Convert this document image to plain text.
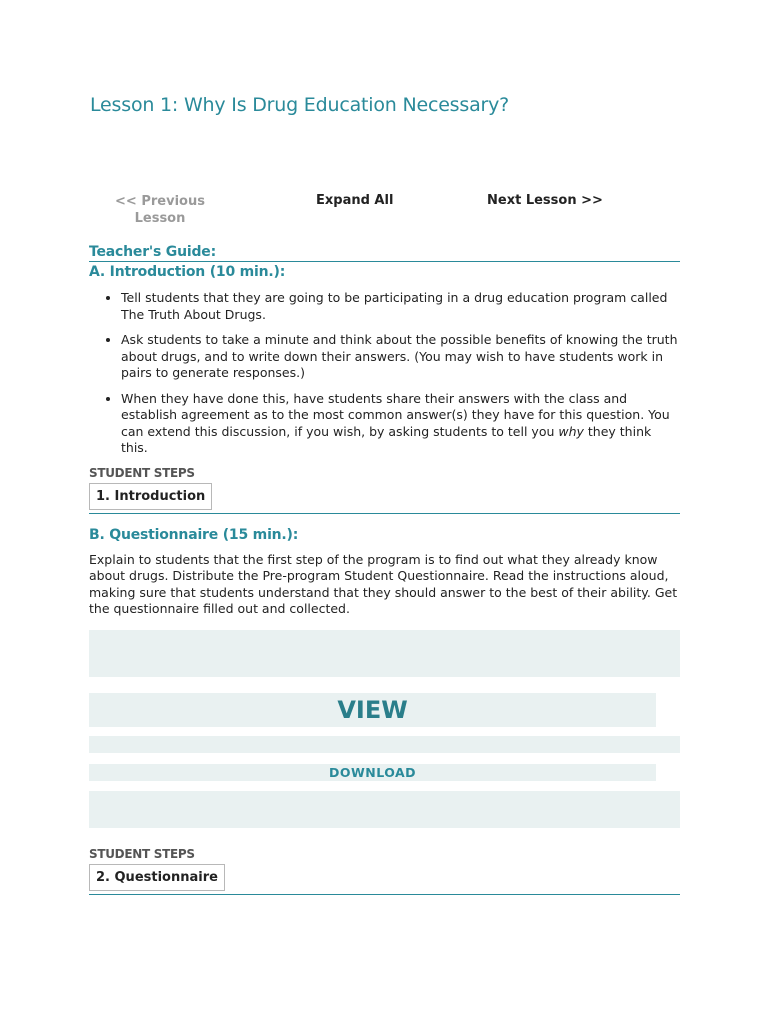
Lesson 1: Why Is Drug Education Necessary?
<< Previous
Lesson
Expand All	Next Lesson >>
Teacher's Guide:
A. Introduction (10 min.):
• Tell students that they are going to be participating in a drug education program called The Truth About Drugs.
• Ask students to take a minute and think about the possible benefits of knowing the truth about drugs, and to write down their answers. (You may wish to have students work in pairs to generate responses.)
• When they have done this, have students share their answers with the class and establish agreement as to the most common answer(s) they have for this question. You can extend this discussion, if you wish, by asking students to tell you why they think this.
STUDENT STEPS
1. Introduction
B. Questionnaire (15 min.):
Explain to students that the first step of the program is to find out what they already know about drugs. Distribute the Pre-program Student Questionnaire. Read the instructions aloud, making sure that students understand that they should answer to the best of their ability. Get the questionnaire filled out and collected.
VIEW
DOWNLOAD
STUDENT STEPS
2. Questionnaire
